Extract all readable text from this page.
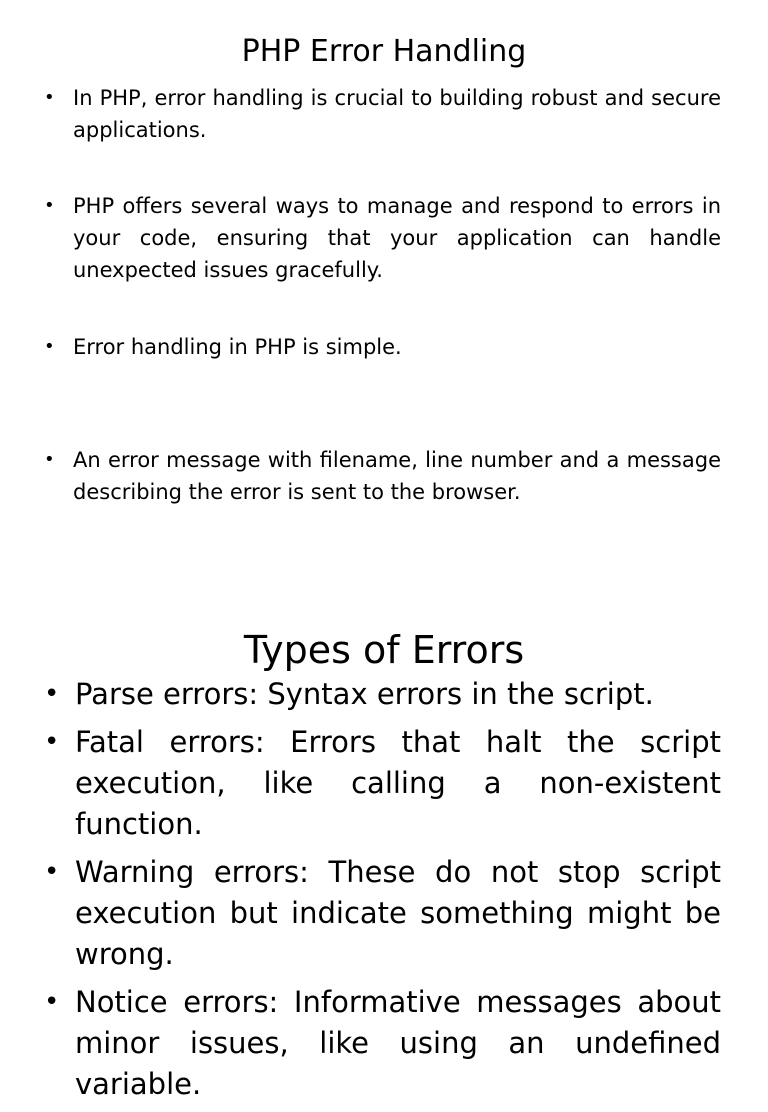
PHP Error Handling
• In PHP, error handling is crucial to building robust and secure applications.
• PHP offers several ways to manage and respond to errors in your code, ensuring that your application can handle unexpected issues gracefully.
• Error handling in PHP is simple.
• An error message with filename, line number and a message describing the error is sent to the browser.
Types of Errors
• Parse errors: Syntax errors in the script.
• Fatal errors: Errors that halt the script execution, like calling a non-existent function.
• Warning errors: These do not stop script execution but indicate something might be wrong.
• Notice errors: Informative messages about minor issues, like using an undefined variable.
